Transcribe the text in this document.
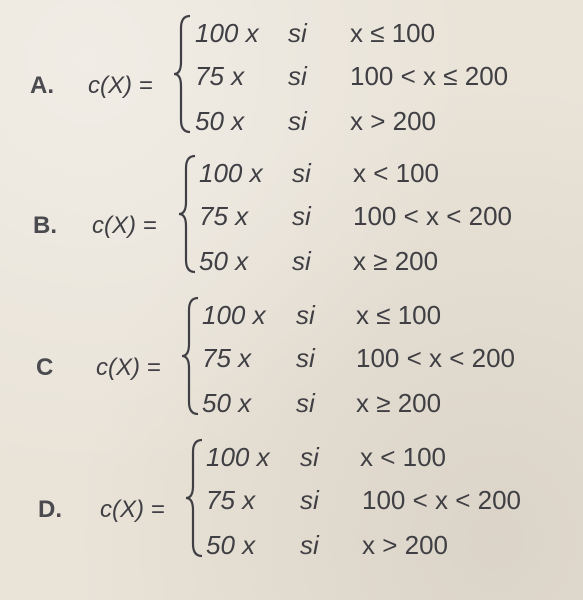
A. c(X) =
100 x si x ≤ 100
75 x si 100 < x ≤ 200
50 x si x > 200
B. c(X) =
100 x si x < 100
75 x si 100 < x < 200
50 x si x ≥ 200
C c(X) =
100 x si x ≤ 100
75 x si 100 < x < 200
50 x si x ≥ 200
D. c(X) =
100 x si x < 100
75 x si 100 < x < 200
50 x si x > 200
